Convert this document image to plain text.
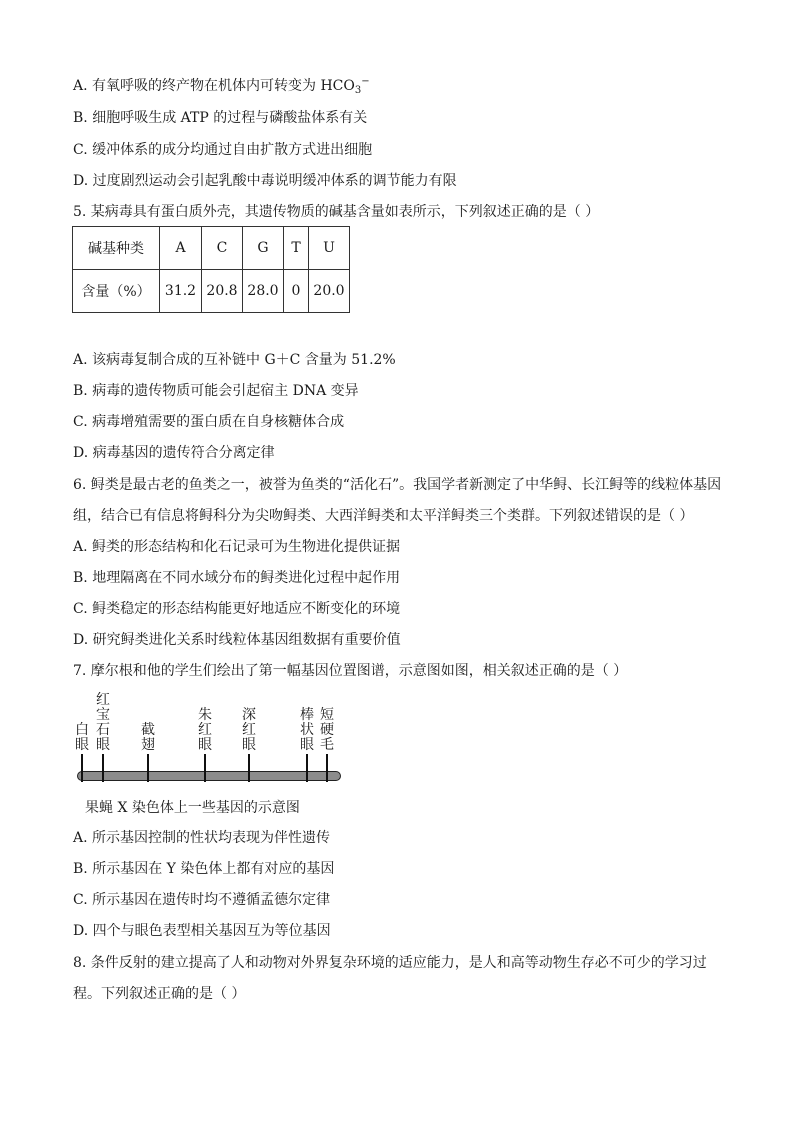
A. 有氧呼吸的终产物在机体内可转变为 $HCO_3^-$
B. 细胞呼吸生成 ATP 的过程与磷酸盐体系有关
C. 缓冲体系的成分均通过自由扩散方式进出细胞
D. 过度剧烈运动会引起乳酸中毒说明缓冲体系的调节能力有限
5. 某病毒具有蛋白质外壳，其遗传物质的碱基含量如表所示，下列叙述正确的是（ ）
碱基种类	A	C	G	T	U
含量（%）	31.2	20.8	28.0	0	20.0
A. 该病毒复制合成的互补链中 G＋C 含量为 51.2%
B. 病毒的遗传物质可能会引起宿主 DNA 变异
C. 病毒增殖需要的蛋白质在自身核糖体合成
D. 病毒基因的遗传符合分离定律
6. 鲟类是最古老的鱼类之一，被誉为鱼类的“活化石”。我国学者新测定了中华鲟、长江鲟等的线粒体基因
组，结合已有信息将鲟科分为尖吻鲟类、大西洋鲟类和太平洋鲟类三个类群。下列叙述错误的是（ ）
A. 鲟类的形态结构和化石记录可为生物进化提供证据
B. 地理隔离在不同水域分布的鲟类进化过程中起作用
C. 鲟类稳定的形态结构能更好地适应不断变化的环境
D. 研究鲟类进化关系时线粒体基因组数据有重要价值
7. 摩尔根和他的学生们绘出了第一幅基因位置图谱，示意图如图，相关叙述正确的是（ ）
白
眼
红
宝
石
眼
截
翅
朱
红
眼
深
红
眼
棒
状
眼
短
硬
毛
果蝇 X 染色体上一些基因的示意图
A. 所示基因控制的性状均表现为伴性遗传
B. 所示基因在 Y 染色体上都有对应的基因
C. 所示基因在遗传时均不遵循孟德尔定律
D. 四个与眼色表型相关基因互为等位基因
8. 条件反射的建立提高了人和动物对外界复杂环境的适应能力，是人和高等动物生存必不可少的学习过
程。下列叙述正确的是（ ）
